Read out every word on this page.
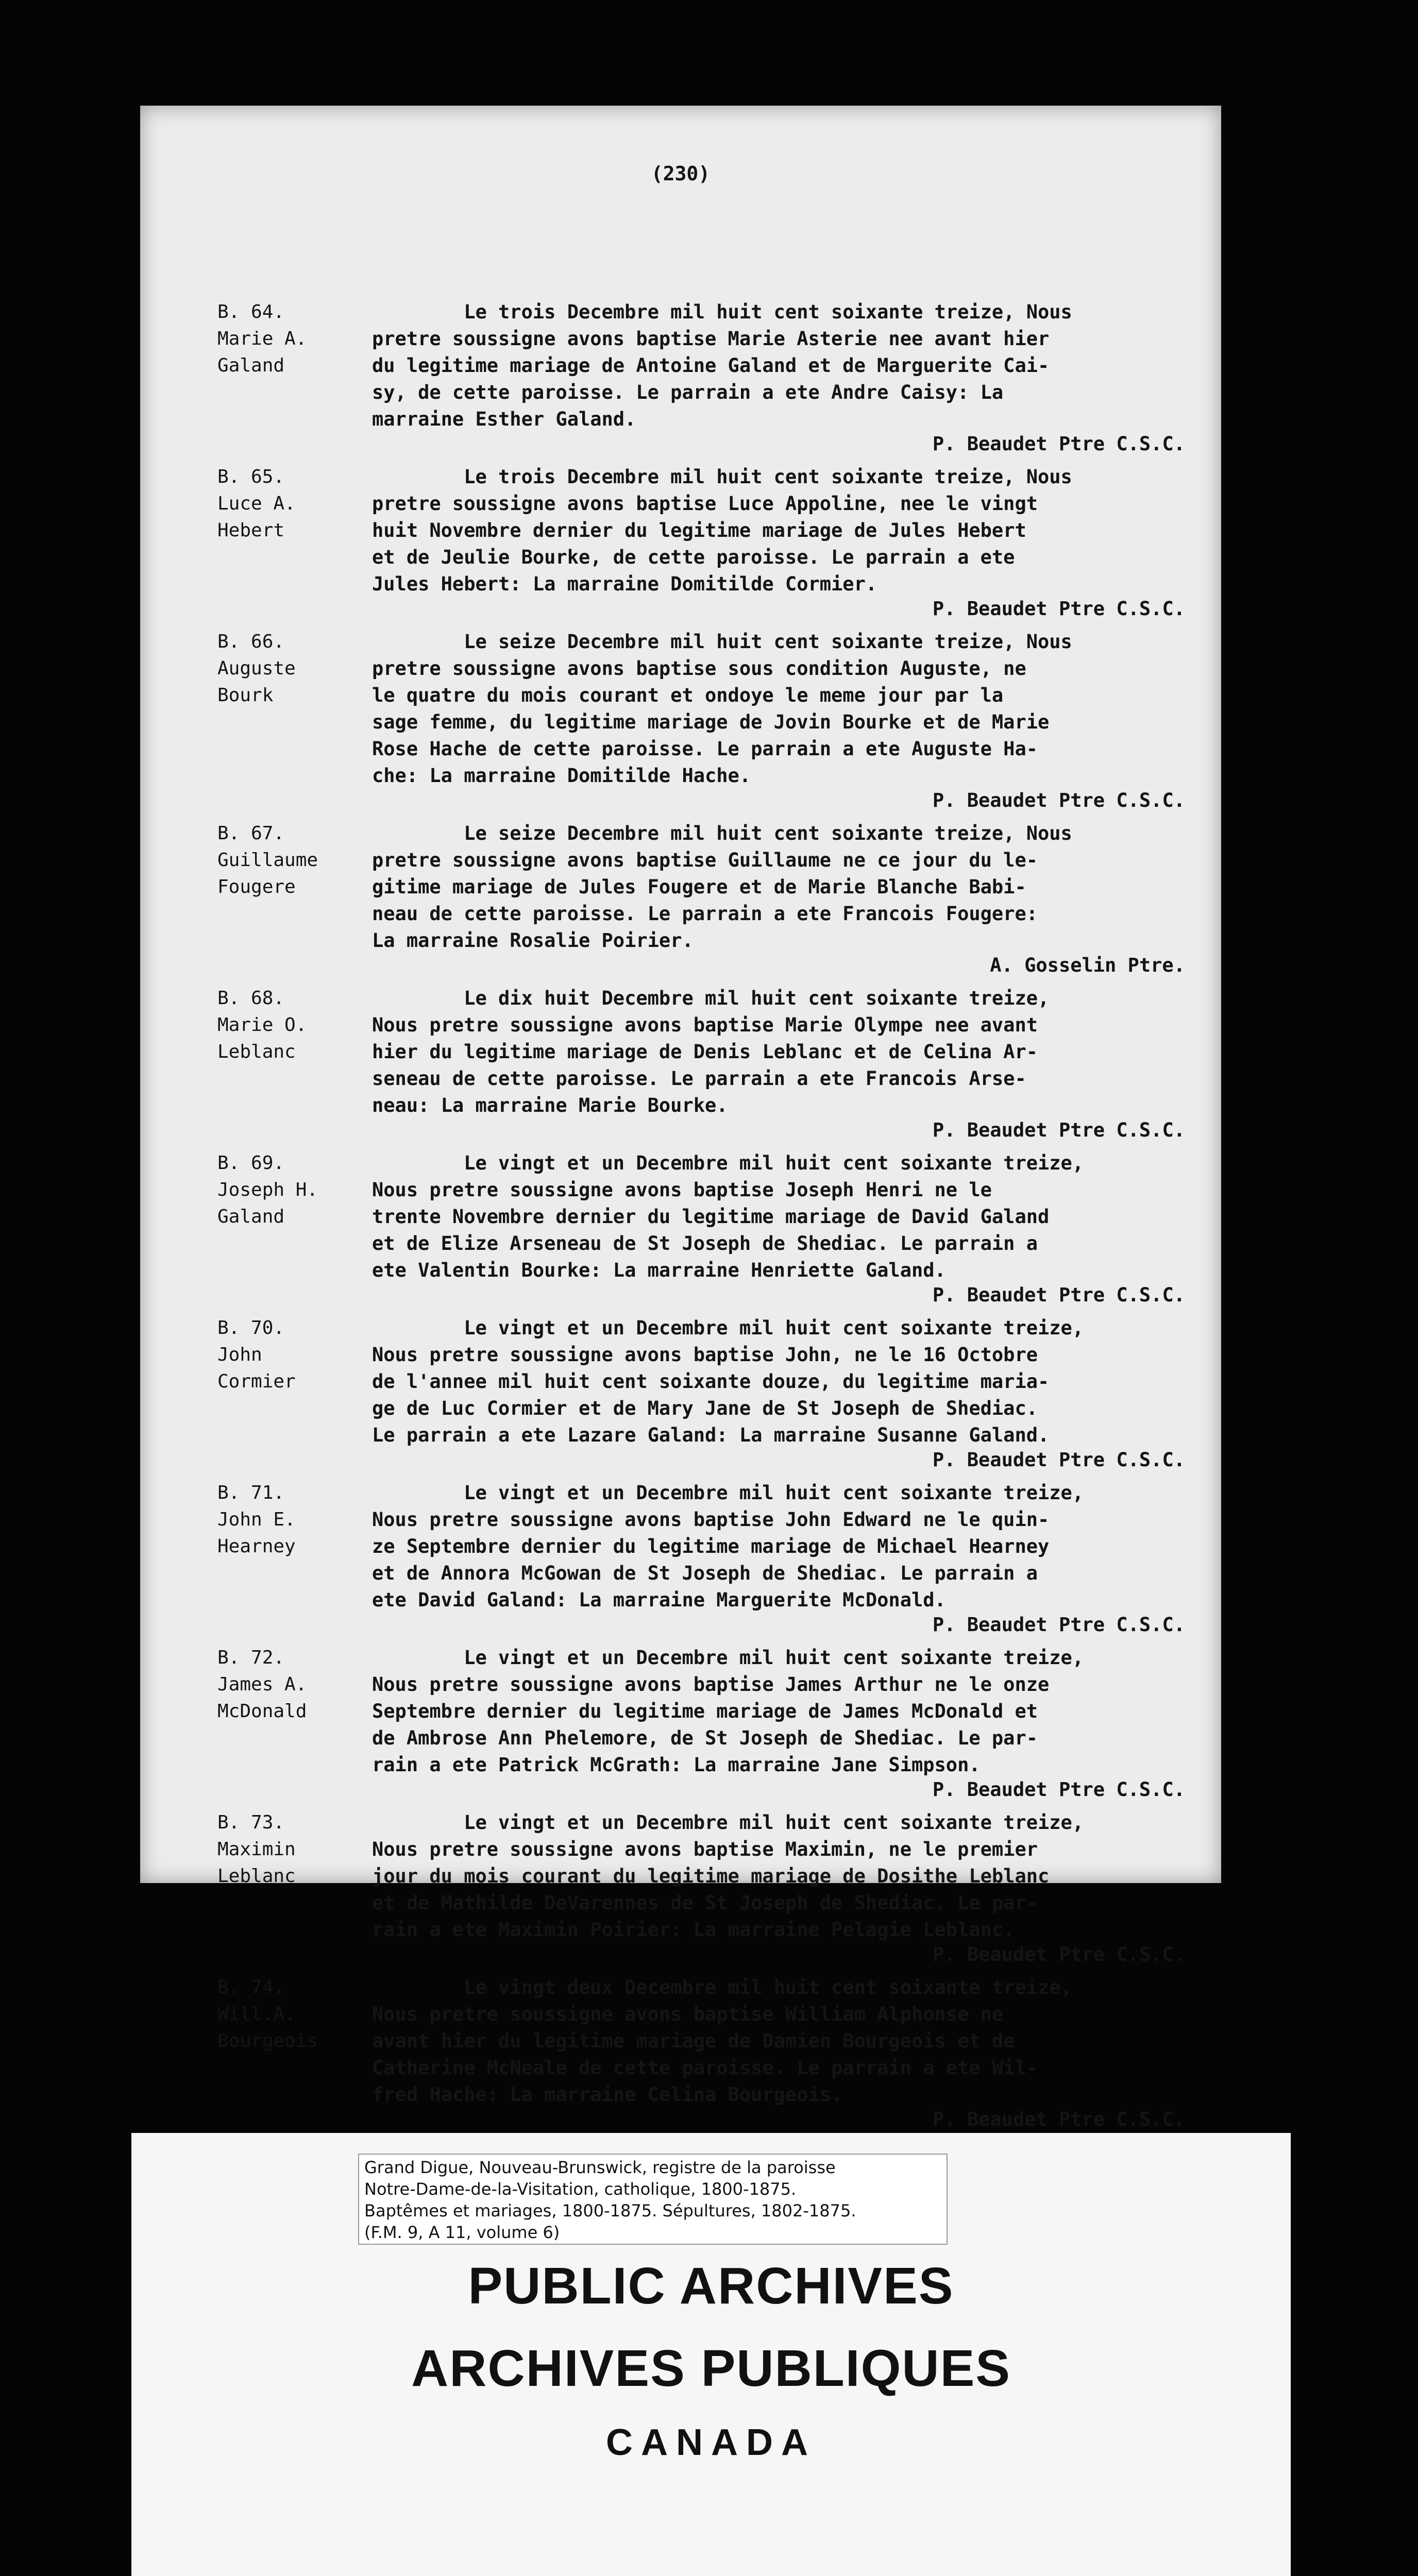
(230)
B. 64.
Marie A.
Galand

Le trois Decembre mil huit cent soixante treize, Nous

pretre soussigne avons baptise Marie Asterie nee avant hier

du legitime mariage de Antoine Galand et de Marguerite Cai-

sy, de cette paroisse. Le parrain a ete Andre Caisy: La

marraine Esther Galand.

P. Beaudet Ptre C.S.C.
B. 65.
Luce A.
Hebert

Le trois Decembre mil huit cent soixante treize, Nous

pretre soussigne avons baptise Luce Appoline, nee le vingt

huit Novembre dernier du legitime mariage de Jules Hebert

et de Jeulie Bourke, de cette paroisse. Le parrain a ete

Jules Hebert: La marraine Domitilde Cormier.

P. Beaudet Ptre C.S.C.
B. 66.
Auguste
Bourk

Le seize Decembre mil huit cent soixante treize, Nous

pretre soussigne avons baptise sous condition Auguste, ne

le quatre du mois courant et ondoye le meme jour par la

sage femme, du legitime mariage de Jovin Bourke et de Marie

Rose Hache de cette paroisse. Le parrain a ete Auguste Ha-

che: La marraine Domitilde Hache.

P. Beaudet Ptre C.S.C.
B. 67.
Guillaume
Fougere

Le seize Decembre mil huit cent soixante treize, Nous

pretre soussigne avons baptise Guillaume ne ce jour du le-

gitime mariage de Jules Fougere et de Marie Blanche Babi-

neau de cette paroisse. Le parrain a ete Francois Fougere:

La marraine Rosalie Poirier.

A. Gosselin Ptre.
B. 68.
Marie O.
Leblanc

Le dix huit Decembre mil huit cent soixante treize,

Nous pretre soussigne avons baptise Marie Olympe nee avant

hier du legitime mariage de Denis Leblanc et de Celina Ar-

seneau de cette paroisse. Le parrain a ete Francois Arse-

neau: La marraine Marie Bourke.

P. Beaudet Ptre C.S.C.
B. 69.
Joseph H.
Galand

Le vingt et un Decembre mil huit cent soixante treize,

Nous pretre soussigne avons baptise Joseph Henri ne le

trente Novembre dernier du legitime mariage de David Galand

et de Elize Arseneau de St Joseph de Shediac. Le parrain a

ete Valentin Bourke: La marraine Henriette Galand.

P. Beaudet Ptre C.S.C.
B. 70.
John
Cormier

Le vingt et un Decembre mil huit cent soixante treize,

Nous pretre soussigne avons baptise John, ne le 16 Octobre

de l'annee mil huit cent soixante douze, du legitime maria-

ge de Luc Cormier et de Mary Jane de St Joseph de Shediac.

Le parrain a ete Lazare Galand: La marraine Susanne Galand.

P. Beaudet Ptre C.S.C.
B. 71.
John E.
Hearney

Le vingt et un Decembre mil huit cent soixante treize,

Nous pretre soussigne avons baptise John Edward ne le quin-

ze Septembre dernier du legitime mariage de Michael Hearney

et de Annora McGowan de St Joseph de Shediac. Le parrain a

ete David Galand: La marraine Marguerite McDonald.

P. Beaudet Ptre C.S.C.
B. 72.
James A.
McDonald

Le vingt et un Decembre mil huit cent soixante treize,

Nous pretre soussigne avons baptise James Arthur ne le onze

Septembre dernier du legitime mariage de James McDonald et

de Ambrose Ann Phelemore, de St Joseph de Shediac. Le par-

rain a ete Patrick McGrath: La marraine Jane Simpson.

P. Beaudet Ptre C.S.C.
B. 73.
Maximin
Leblanc

Le vingt et un Decembre mil huit cent soixante treize,

Nous pretre soussigne avons baptise Maximin, ne le premier

jour du mois courant du legitime mariage de Dosithe Leblanc

et de Mathilde DeVarennes de St Joseph de Shediac. Le par-

rain a ete Maximin Poirier: La marraine Pelagie Leblanc.

P. Beaudet Ptre C.S.C.
B. 74.
Will.A.
Bourgeois

Le vingt deux Decembre mil huit cent soixante treize,

Nous pretre soussigne avons baptise William Alphonse ne

avant hier du legitime mariage de Damien Bourgeois et de

Catherine McNeale de cette paroisse. Le parrain a ete Wil-

fred Hache: La marraine Celina Bourgeois.

P. Beaudet Ptre C.S.C.
Grand Digue, Nouveau-Brunswick, registre de la paroisse
Notre-Dame-de-la-Visitation, catholique, 1800-1875.
Baptêmes et mariages, 1800-1875. Sépultures, 1802-1875.
(F.M. 9, A 11, volume 6)
PUBLIC ARCHIVES
ARCHIVES PUBLIQUES
CANADA
